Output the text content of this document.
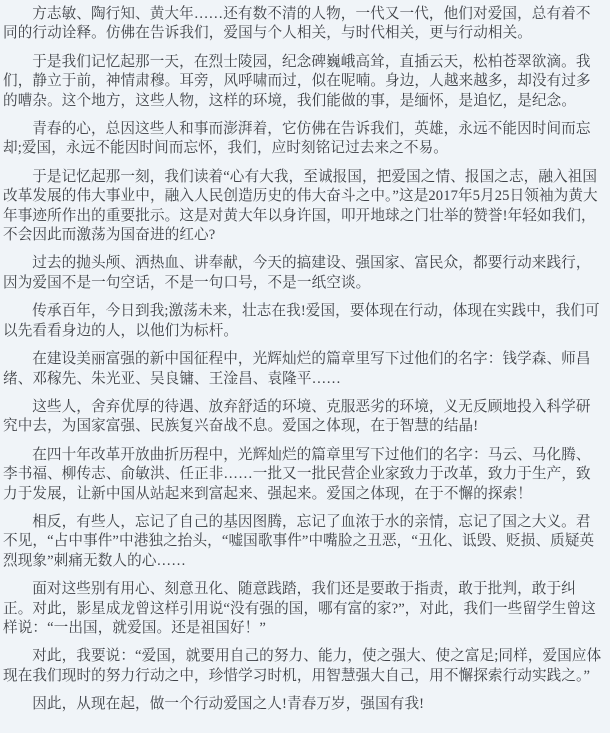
方志敏、陶行知、黄大年……还有数不清的人物，一代又一代，他们对爱国，总有着不同的行动诠释。仿佛在告诉我们，爱国与个人相关，与时代相关，更与行动相关。

于是我们记忆起那一天，在烈士陵园，纪念碑巍峨高耸，直插云天，松柏苍翠欲滴。我们，静立于前，神情肃穆。耳旁，风呼啸而过，似在呢喃。身边，人越来越多，却没有过多的嘈杂。这个地方，这些人物，这样的环境，我们能做的事，是缅怀，是追忆，是纪念。

青春的心，总因这些人和事而澎湃着，它仿佛在告诉我们，英雄，永远不能因时间而忘却;爱国，永远不能因时间而忘怀，我们，应时刻铭记过去来之不易。

于是记忆起那一刻，我们读着“心有大我，至诚报国，把爱国之情、报国之志，融入祖国改革发展的伟大事业中，融入人民创造历史的伟大奋斗之中。”这是2017年5月25日领袖为黄大年事迹所作出的重要批示。这是对黄大年以身许国，叩开地球之门壮举的赞誉!年轻如我们，不会因此而激荡为国奋进的红心?

过去的抛头颅、洒热血、讲奉献，今天的搞建设、强国家、富民众，都要行动来践行，因为爱国不是一句空话，不是一句口号，不是一纸空谈。

传承百年，今日到我;激荡未来，壮志在我!爱国，要体现在行动，体现在实践中，我们可以先看看身边的人，以他们为标杆。

在建设美丽富强的新中国征程中，光辉灿烂的篇章里写下过他们的名字：钱学森、师昌绪、邓稼先、朱光亚、吴良镛、王淦昌、袁隆平……

这些人，舍弃优厚的待遇、放弃舒适的环境、克服恶劣的环境，义无反顾地投入科学研究中去，为国家富强、民族复兴奋战不息。爱国之体现，在于智慧的结晶!

在四十年改革开放曲折历程中，光辉灿烂的篇章里写下过他们的名字：马云、马化腾、李书福、柳传志、俞敏洪、任正非……一批又一批民营企业家致力于改革，致力于生产，致力于发展，让新中国从站起来到富起来、强起来。爱国之体现，在于不懈的探索！

相反，有些人，忘记了自己的基因图腾，忘记了血浓于水的亲情，忘记了国之大义。君不见，“占中事件”中港独之抬头，“嘘国歌事件”中嘴脸之丑恶，“丑化、诋毁、贬损、质疑英烈现象”刺痛无数人的心……

面对这些别有用心、刻意丑化、随意践踏，我们还是要敢于指责，敢于批判，敢于纠正。对此，影星成龙曾这样引用说“没有强的国，哪有富的家?”，对此，我们一些留学生曾这样说：“一出国，就爱国。还是祖国好！”

对此，我要说：“爱国，就要用自己的努力、能力，使之强大、使之富足;同样，爱国应体现在我们现时的努力行动之中，珍惜学习时机，用智慧强大自己，用不懈探索行动实践之。”

因此，从现在起，做一个行动爱国之人!青春万岁，强国有我!
